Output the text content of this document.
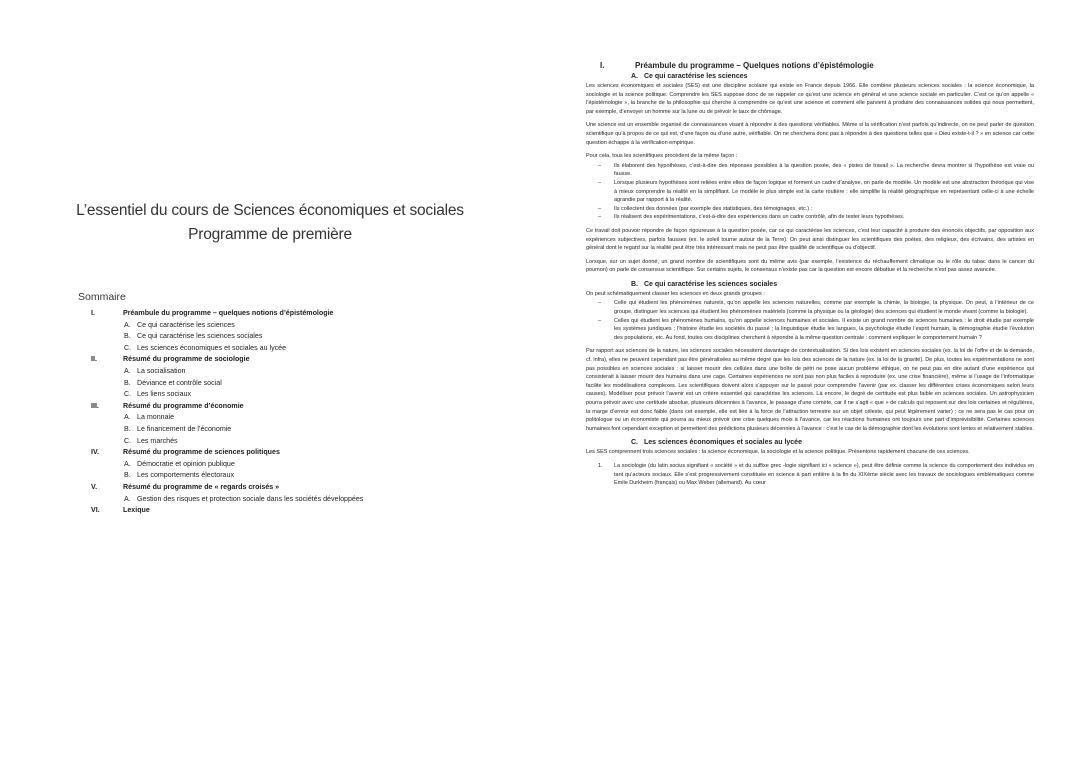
L’essentiel du cours de Sciences économiques et sociales
Programme de première
Sommaire
I.	Préambule du programme – quelques notions d’épistémologie
A. Ce qui caractérise les sciences
B. Ce qui caractérise les sciences sociales
C. Les sciences économiques et sociales au lycée
II.	Résumé du programme de sociologie
A. La socialisation
B. Déviance et contrôle social
C. Les liens sociaux
III.	Résumé du programme d’économie
A. La monnaie
B. Le financement de l’économie
C. Les marchés
IV.	Résumé du programme de sciences politiques
A. Démocratie et opinion publique
B. Les comportements électoraux
V.	Résumé du programme de « regards croisés »
A. Gestion des risques et protection sociale dans les sociétés développées
VI.	Lexique
I.	Préambule du programme – Quelques notions d’épistémologie
A. Ce qui caractérise les sciences

Les sciences économiques et sociales (SES) est une discipline scolaire qui existe en France depuis 1966. Elle combine plusieurs sciences sociales : la science économique, la sociologie et la science politique. Comprendre les SES suppose donc de se rappeler ce qu’est une science en général et une science sociale en particulier. C’est ce qu’on appelle « l’épistémologie », la branche de la philosophie qui cherche à comprendre ce qu’est une science et comment elle parvient à produire des connaissances solides qui nous permettent, par exemple, d’envoyer un homme sur la lune ou de prévoir le taux de chômage.

Une science est un ensemble organisé de connaissances visant à répondre à des questions vérifiables. Même si la vérification n’est parfois qu’indirecte, on ne peut parler de question scientifique qu’à propos de ce qui est, d’une façon ou d’une autre, vérifiable. On ne cherchera donc pas à répondre à des questions telles que « Dieu existe-t-il ? » en science car cette question échappe à la vérification empirique.

Pour cela, tous les scientifiques procèdent de la même façon :

– Ils élaborent des hypothèses, c’est-à-dire des réponses possibles à la question posée, des « pistes de travail ». La recherche devra montrer si l’hypothèse est vraie ou fausse.
– Lorsque plusieurs hypothèses sont reliées entre elles de façon logique et forment un cadre d’analyse, on parle de modèle. Un modèle est une abstraction théorique qui vise à mieux comprendre la réalité en la simplifiant. Le modèle le plus simple est la carte routière : elle simplifie la réalité géographique en représentant celle-ci à une échelle agrandie par rapport à la réalité.
– Ils collectent des données (par exemple des statistiques, des témoignages, etc.) ;
– Ils réalisent des expérimentations, c’est-à-dire des expériences dans un cadre contrôlé, afin de tester leurs hypothèses.

Ce travail doit pouvoir répondre de façon rigoureuse à la question posée, car ce qui caractérise les sciences, c’est leur capacité à produire des énoncés objectifs, par opposition aux expériences subjectives, parfois fausses (ex. le soleil tourne autour de la Terre). On peut ainsi distinguer les scientifiques des poètes, des religieux, des écrivains, des artistes en général dont le regard sur la réalité peut être très intéressant mais ne peut pas être qualifié de scientifique ou d’objectif.

Lorsque, sur un sujet donné, un grand nombre de scientifiques sont du même avis (par exemple, l’existence du réchauffement climatique ou le rôle du tabac dans le cancer du poumon) on parle de consensus scientifique. Sur certains sujets, le consensus n’existe pas car la question est encore débattue et la recherche n’est pas assez avancée.

B. Ce qui caractérise les sciences sociales

On peut schématiquement classer les sciences en deux grands groupes :

– Celle qui étudient les phénomènes naturels, qu’on appelle les sciences naturelles, comme par exemple la chimie, la biologie, la physique. On peut, à l’intérieur de ce groupe, distinguer les sciences qui étudient les phénomènes matériels (comme la physique ou la géologie) des sciences qui étudient le monde vivant (comme la biologie).
– Celles qui étudient les phénomènes humains, qu’on appelle sciences humaines et sociales. Il existe un grand nombre de sciences humaines : le droit étudie par exemple les systèmes juridiques ; l’histoire étudie les sociétés du passé ; la linguistique étudie les langues, la psychologie étudie l’esprit humain, la démographie étudie l’évolution des populations, etc. Au fond, toutes ces disciplines cherchent à répondre à la même question centrale : comment expliquer le comportement humain ?

Par rapport aux sciences de la nature, les sciences sociales nécessitent davantage de contextualisation. Si des lois existent en sciences sociales (ex. la loi de l’offre et de la demande, cf. infra), elles ne peuvent cependant pas être généralisées au même degré que les lois des sciences de la nature (ex. la loi de la gravité). De plus, toutes les expérimentations ne sont pas possibles en sciences sociales : si laisser mourir des cellules dans une boîte de pétri ne pose aucun problème éthique, on ne peut pas en dire autant d’une expérience qui consisterait à laisser mourir des humains dans une cage. Certaines expériences ne sont pas non plus faciles à reproduire (ex. une crise financière), même si l’usage de l’informatique facilite les modélisations complexes. Les scientifiques doivent alors s’appuyer sur le passé pour comprendre l’avenir (par ex. classer les différentes crises économiques selon leurs causes). Modéliser pour prévoir l’avenir est un critère essentiel qui caractérise les sciences. Là encore, le degré de certitude est plus faible en sciences sociales. Un astrophysicien pourra prévoir avec une certitude absolue, plusieurs décennies à l’avance, le passage d’une comète, car il ne s’agit « que » de calculs qui reposent sur des lois certaines et régulières, la marge d’erreur est donc faible (dans cet exemple, elle est liée à la force de l’attraction terrestre sur un objet céleste, qui peut légèrement varier) ; ce ne sera pas le cas pour un politologue ou un économiste qui pourra au mieux prévoir une crise quelques mois à l’avance, car les réactions humaines ont toujours une part d’imprévisibilité. Certaines sciences humaines font cependant exception et permettent des prédictions plusieurs décennies à l’avance : c’est le cas de la démographie dont les évolutions sont lentes et relativement stables.

C. Les sciences économiques et sociales au lycée

Les SES comprennent trois sciences sociales : la science économique, la sociologie et la science politique. Présentons rapidement chacune de ces sciences.

1. La sociologie (du latin socius signifiant « société » et du suffixe grec -logie signifiant ici « science »), peut être définie comme la science du comportement des individus en tant qu’acteurs sociaux. Elle s’est progressivement constituée en science à part entière à la fin du XIXème siècle avec les travaux de sociologues emblématiques comme Emile Durkheim (français) ou Max Weber (allemand). Au cœur
